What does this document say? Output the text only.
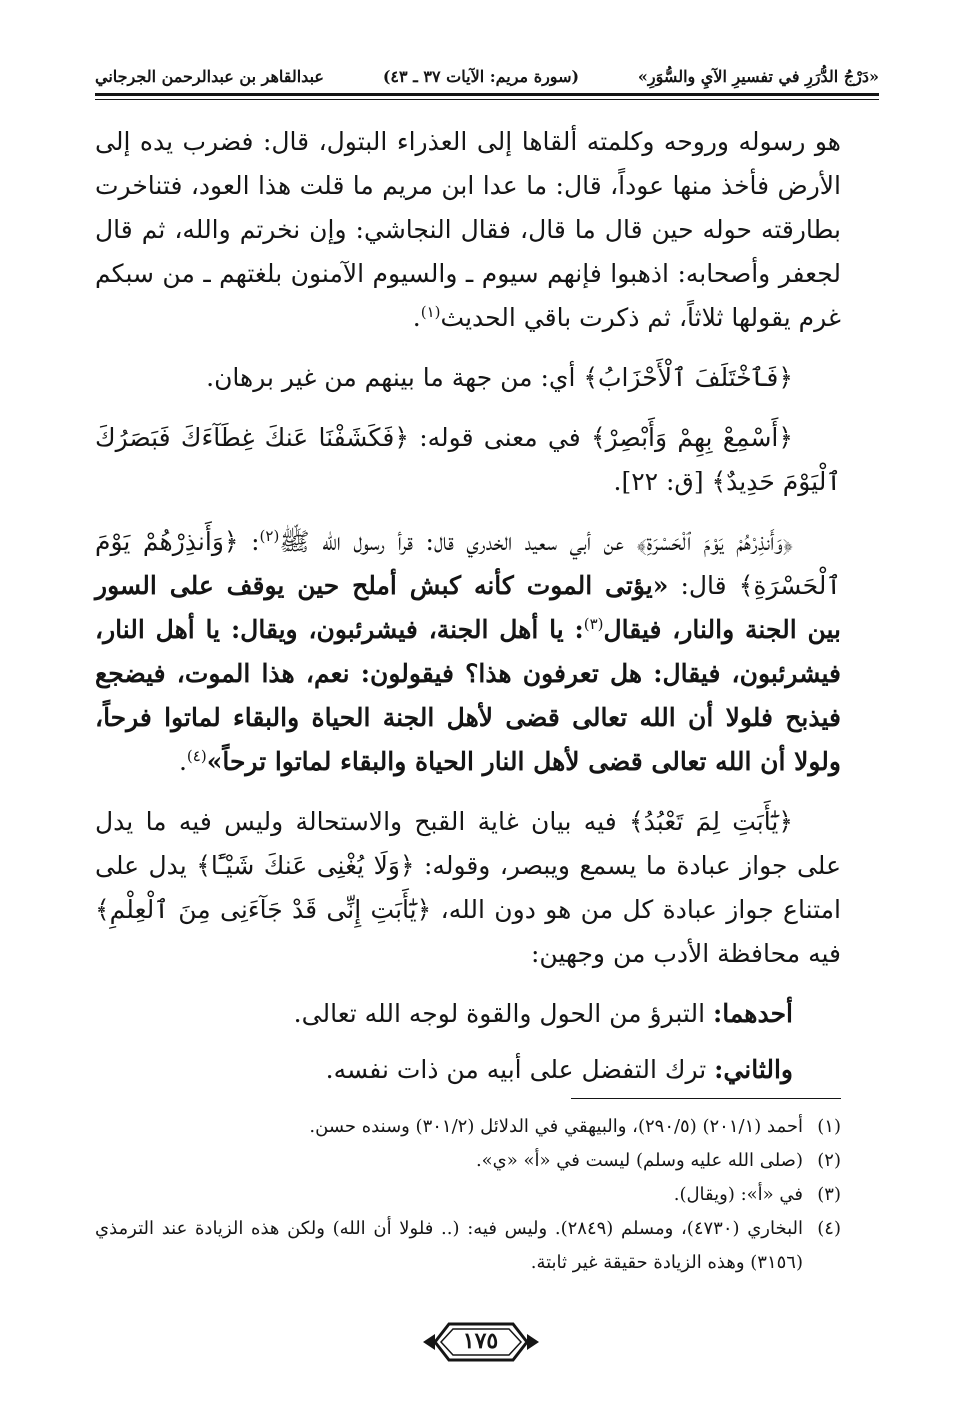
«دَرْجُ الدُّرَرِ في تفسيرِ الآيِ والسُّوَرِ»
(سورة مريم: الآيات ٣٧ ـ ٤٣)
عبدالقاهر بن عبدالرحمن الجرجاني

هو رسوله وروحه وكلمته ألقاها إلى العذراء البتول، قال: فضرب يده إلى الأرض فأخذ منها عوداً، قال: ما عدا ابن مريم ما قلت هذا العود، فتناخرت بطارقته حوله حين قال ما قال، فقال النجاشي: وإن نخرتم والله، ثم قال لجعفر وأصحابه: اذهبوا فإنهم سيوم ـ والسيوم الآمنون بلغتهم ـ من سبكم غرم يقولها ثلاثاً، ثم ذكرت باقي الحديث$^{(١)}$.

﴿فَٱخْتَلَفَ ٱلْأَحْزَابُ﴾ أي: من جهة ما بينهم من غير برهان.

﴿أَسْمِعْ بِهِمْ وَأَبْصِرْ﴾ في معنى قوله: ﴿فَكَشَفْنَا عَنكَ غِطَآءَكَ فَبَصَرُكَ ٱلْيَوْمَ حَدِيدٌ﴾ [ق: ٢٢].

﴿وَأَنذِرْهُمْ يَوْمَ ٱلْحَسْرَةِ﴾ عن أبي سعيد الخدري قال: قرأ رسول الله ﷺ$^{(٢)}$: ﴿وَأَنذِرْهُمْ يَوْمَ ٱلْحَسْرَةِ﴾ قال: «يؤتى الموت كأنه كبش أملح حين يوقف على السور بين الجنة والنار، فيقال$^{(٣)}$: يا أهل الجنة، فيشرئبون، ويقال: يا أهل النار، فيشرئبون، فيقال: هل تعرفون هذا؟ فيقولون: نعم، هذا الموت، فيضجع فيذبح فلولا أن الله تعالى قضى لأهل الجنة الحياة والبقاء لماتوا فرحاً، ولولا أن الله تعالى قضى لأهل النار الحياة والبقاء لماتوا ترحاً»$^{(٤)}$.

﴿يَٰٓأَبَتِ لِمَ تَعْبُدُ﴾ فيه بيان غاية القبح والاستحالة وليس فيه ما يدل على جواز عبادة ما يسمع ويبصر، وقوله: ﴿وَلَا يُغْنِى عَنكَ شَيْـًٔا﴾ يدل على امتناع جواز عبادة كل من هو دون الله، ﴿يَٰٓأَبَتِ إِنِّى قَدْ جَآءَنِى مِنَ ٱلْعِلْمِ﴾ فيه محافظة الأدب من وجهين:

أحدهما: التبرؤ من الحول والقوة لوجه الله تعالى.

والثاني: ترك التفضل على أبيه من ذات نفسه.

(١)
أحمد (٢٠١/١) (٢٩٠/٥)، والبيهقي في الدلائل (٣٠١/٢) وسنده حسن.
(٢)
(صلى الله عليه وسلم) ليست في «أ» «ي».
(٣)
في «أ»: (ويقال).
(٤)
البخاري (٤٧٣٠)، ومسلم (٢٨٤٩). وليس فيه: (.. فلولا أن الله) ولكن هذه الزيادة عند الترمذي (٣١٥٦) وهذه الزيادة حقيقة غير ثابتة.
١٧٥
